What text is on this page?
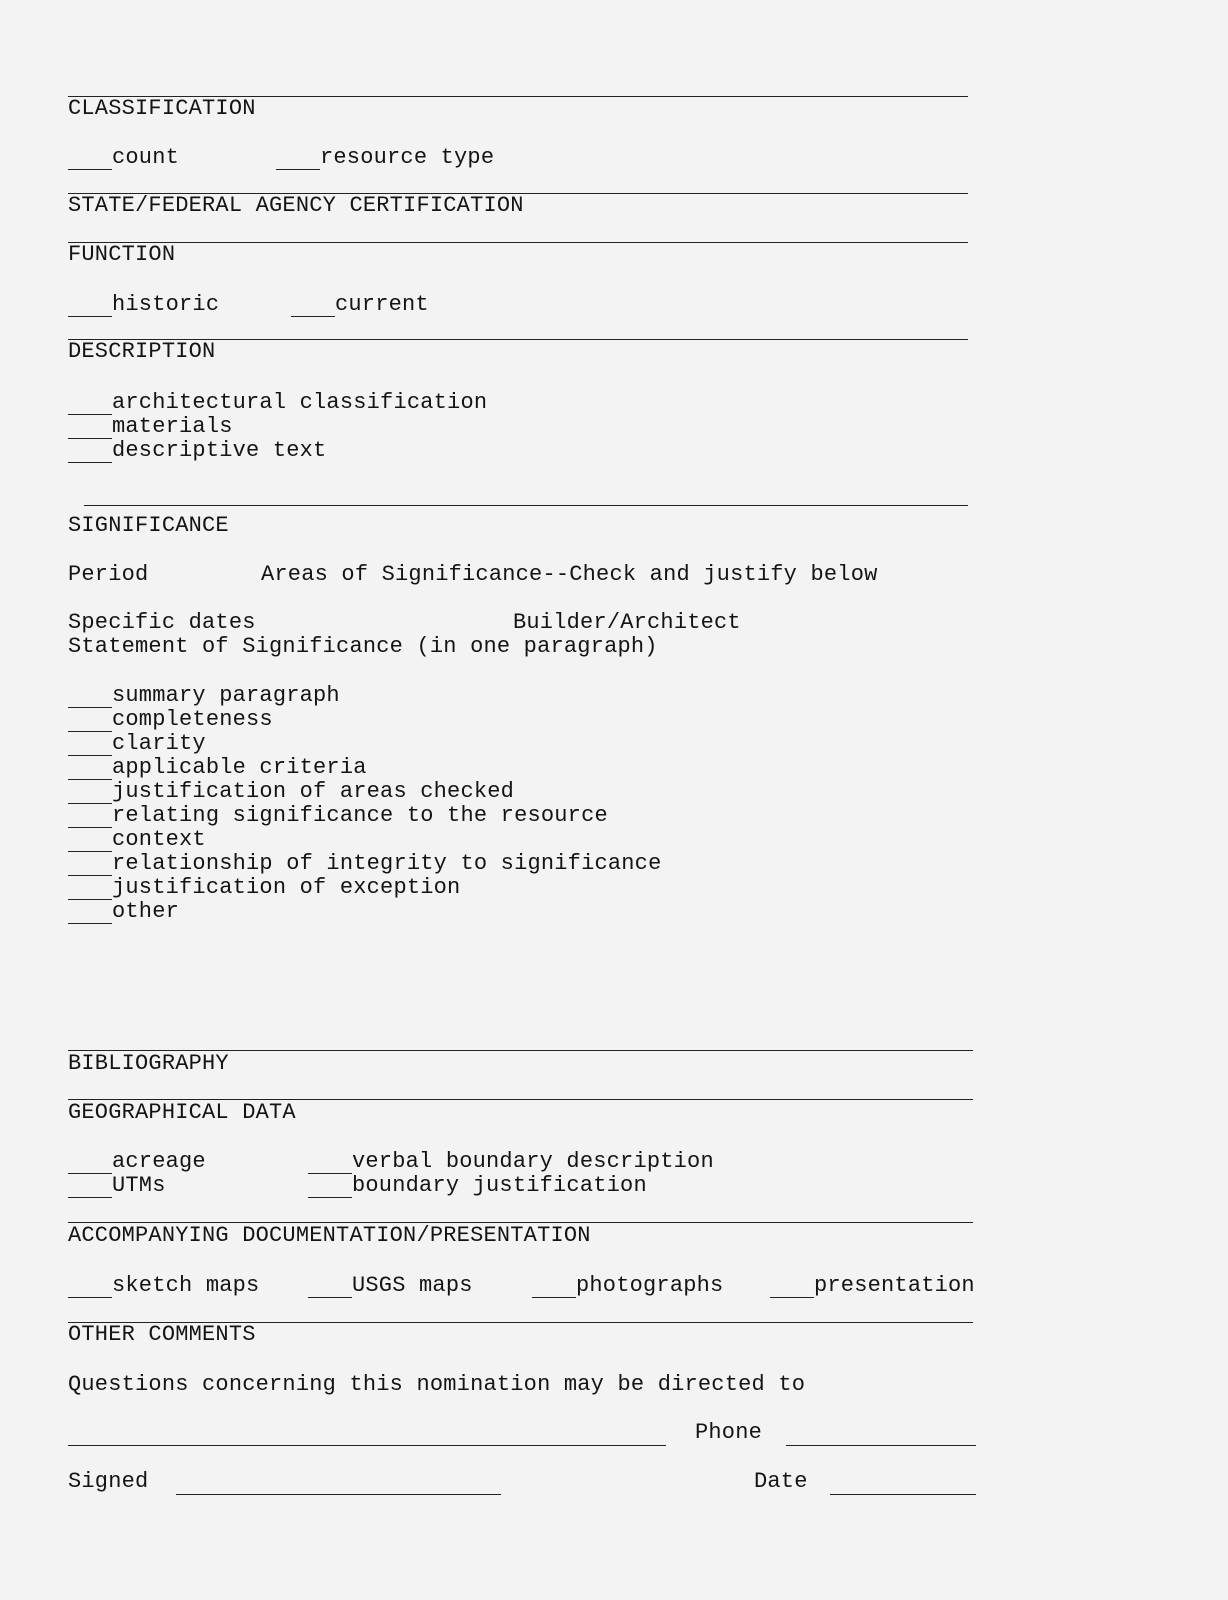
CLASSIFICATION
count	resource type
STATE/FEDERAL AGENCY CERTIFICATION
FUNCTION
historic	current
DESCRIPTION
architectural classification
materials
descriptive text
SIGNIFICANCE
Period	Areas of Significance--Check and justify below
Specific dates	Builder/Architect
Statement of Significance (in one paragraph)
summary paragraph
completeness
clarity
applicable criteria
justification of areas checked
relating significance to the resource
context
relationship of integrity to significance
justification of exception
other
BIBLIOGRAPHY
GEOGRAPHICAL DATA
acreage	verbal boundary description
UTMs	boundary justification
ACCOMPANYING DOCUMENTATION/PRESENTATION
sketch maps	USGS maps	photographs	presentation
OTHER COMMENTS
Questions concerning this nomination may be directed to
Phone
Signed	Date
